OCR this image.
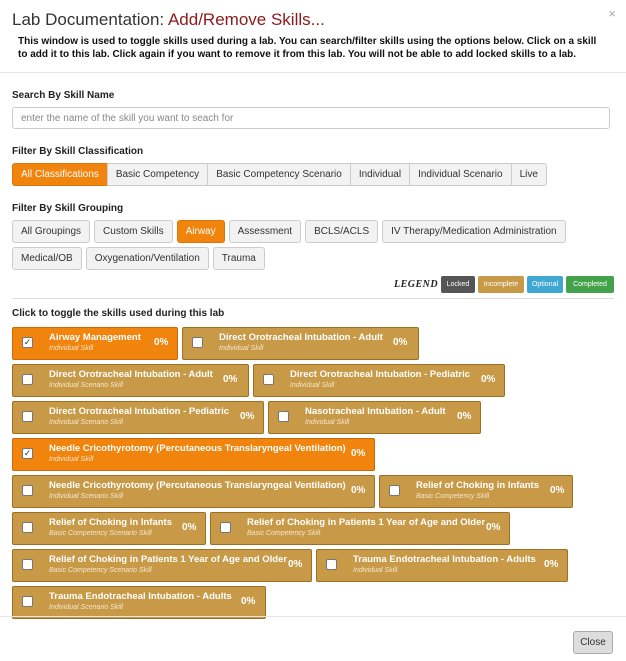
Lab Documentation: Add/Remove Skills...
This window is used to toggle skills used during a lab. You can search/filter skills using the options below. Click on a skill to add it to this lab. Click again if you want to remove it from this lab. You will not be able to add locked skills to a lab.
×
Search By Skill Name
enter the name of the skill you want to seach for
Filter By Skill Classification
All Classifications	Basic Competency	Basic Competency Scenario	Individual	Individual Scenario	Live
Filter By Skill Grouping
All Groupings	Custom Skills	Airway	Assessment	BCLS/ACLS	IV Therapy/Medication Administration
Medical/OB	Oxygenation/Ventilation	Trauma
LEGEND	Locked	Incomplete	Optional	Completed
Click to toggle the skills used during this lab
✓ Airway Management
Individual Skill
0%	Direct Orotracheal Intubation - Adult
Individual Skill
0%
Direct Orotracheal Intubation - Adult
Individual Scenario Skill
0%	Direct Orotracheal Intubation - Pediatric
Individual Skill
0%
Direct Orotracheal Intubation - Pediatric
Individual Scenario Skill
0%	Nasotracheal Intubation - Adult
Individual Skill
0%
✓ Needle Cricothyrotomy (Percutaneous Translaryngeal Ventilation)
Individual Skill
0%
Needle Cricothyrotomy (Percutaneous Translaryngeal Ventilation)
Individual Scenario Skill
0%	Relief of Choking in Infants
Basic Competency Skill
0%
Relief of Choking in Infants
Basic Competency Scenario Skill
0%	Relief of Choking in Patients 1 Year of Age and Older
Basic Competency Skill
0%
Relief of Choking in Patients 1 Year of Age and Older
Basic Competency Scenario Skill
0%	Trauma Endotracheal Intubation - Adults
Individual Skill
0%
Trauma Endotracheal Intubation - Adults
Individual Scenario Skill
0%
Close
